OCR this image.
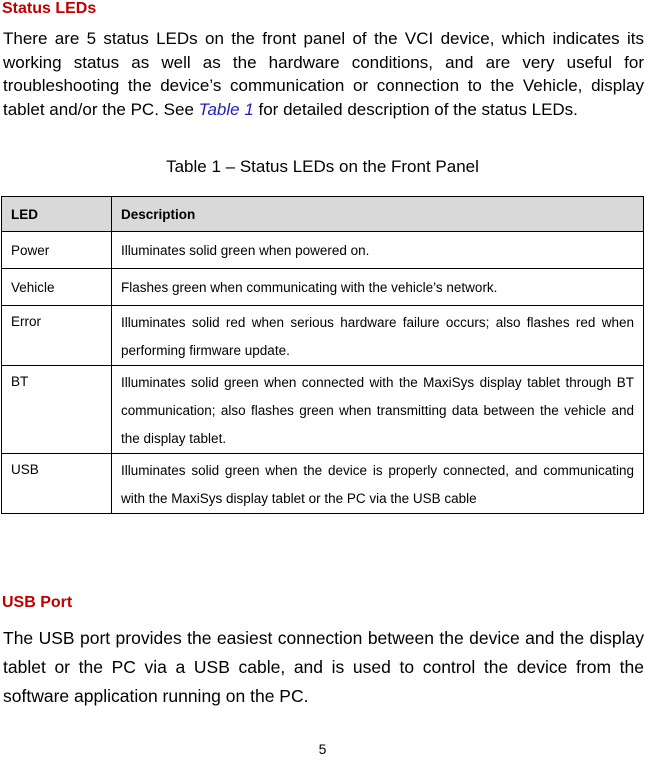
Status LEDs
There are 5 status LEDs on the front panel of the VCI device, which indicates its working status as well as the hardware conditions, and are very useful for troubleshooting the device’s communication or connection to the Vehicle, display tablet and/or the PC. See Table 1 for detailed description of the status LEDs.
Table 1 – Status LEDs on the Front Panel
LED	Description
Power	Illuminates solid green when powered on.
Vehicle	Flashes green when communicating with the vehicle’s network.
Error	Illuminates solid red when serious hardware failure occurs; also flashes red when performing firmware update.
BT	Illuminates solid green when connected with the MaxiSys display tablet through BT communication; also flashes green when transmitting data between the vehicle and the display tablet.
USB	Illuminates solid green when the device is properly connected, and communicating with the MaxiSys display tablet or the PC via the USB cable
USB Port
The USB port provides the easiest connection between the device and the display tablet or the PC via a USB cable, and is used to control the device from the software application running on the PC.
5
